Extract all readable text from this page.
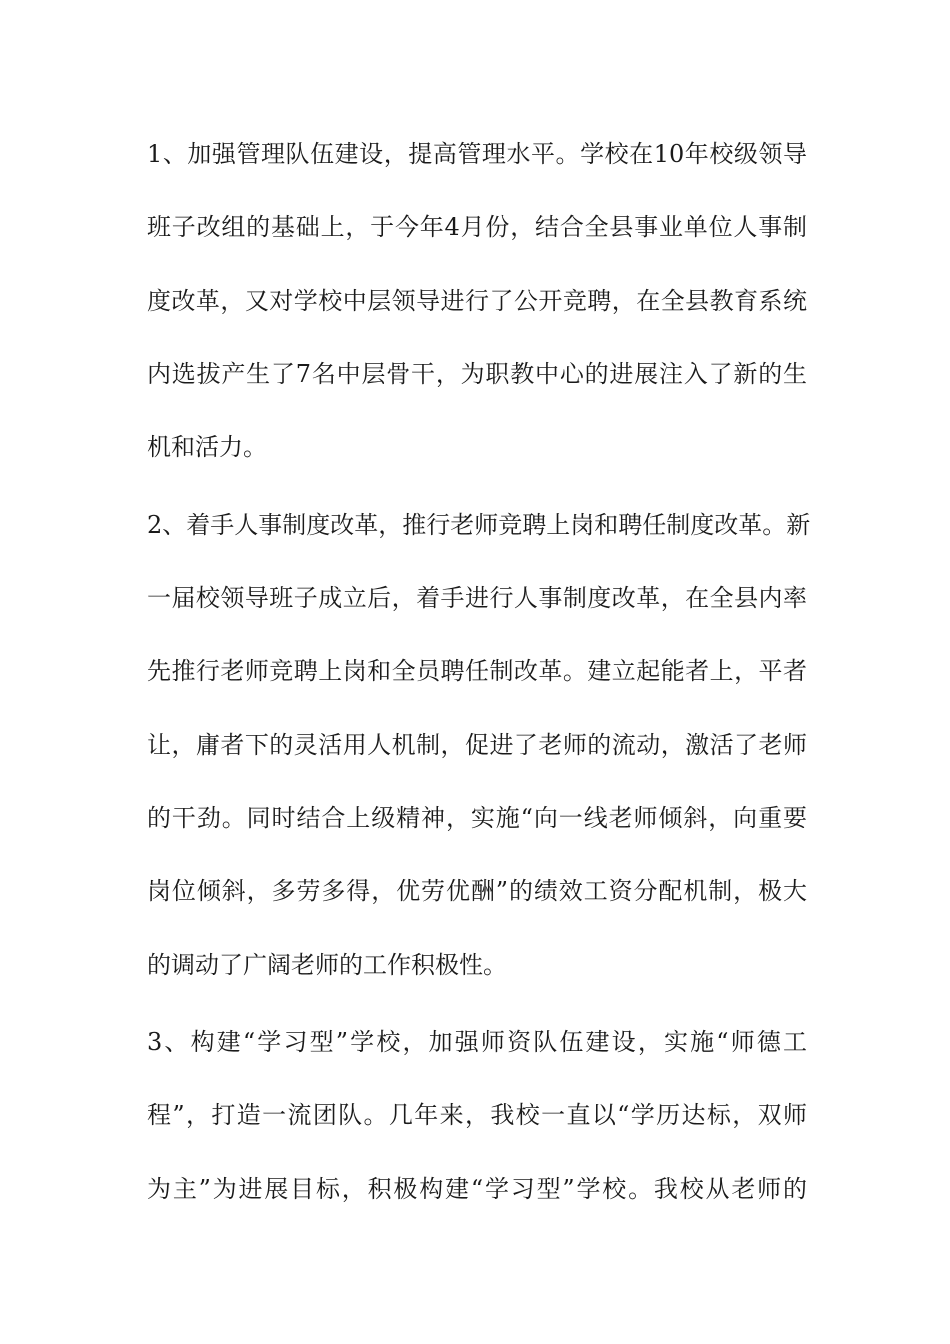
1、加强管理队伍建设，提高管理水平。学校在10年校级领导
班子改组的基础上，于今年4月份，结合全县事业单位人事制
度改革，又对学校中层领导进行了公开竞聘，在全县教育系统
内选拔产生了7名中层骨干，为职教中心的进展注入了新的生
机和活力。
2、着手人事制度改革，推行老师竞聘上岗和聘任制度改革。新
一届校领导班子成立后，着手进行人事制度改革，在全县内率
先推行老师竞聘上岗和全员聘任制改革。建立起能者上，平者
让，庸者下的灵活用人机制，促进了老师的流动，激活了老师
的干劲。同时结合上级精神，实施“向一线老师倾斜，向重要
岗位倾斜，多劳多得，优劳优酬”的绩效工资分配机制，极大
的调动了广阔老师的工作积极性。
3、构建“学习型”学校，加强师资队伍建设，实施“师德工
程”，打造一流团队。几年来，我校一直以“学历达标，双师
为主”为进展目标，积极构建“学习型”学校。我校从老师的
